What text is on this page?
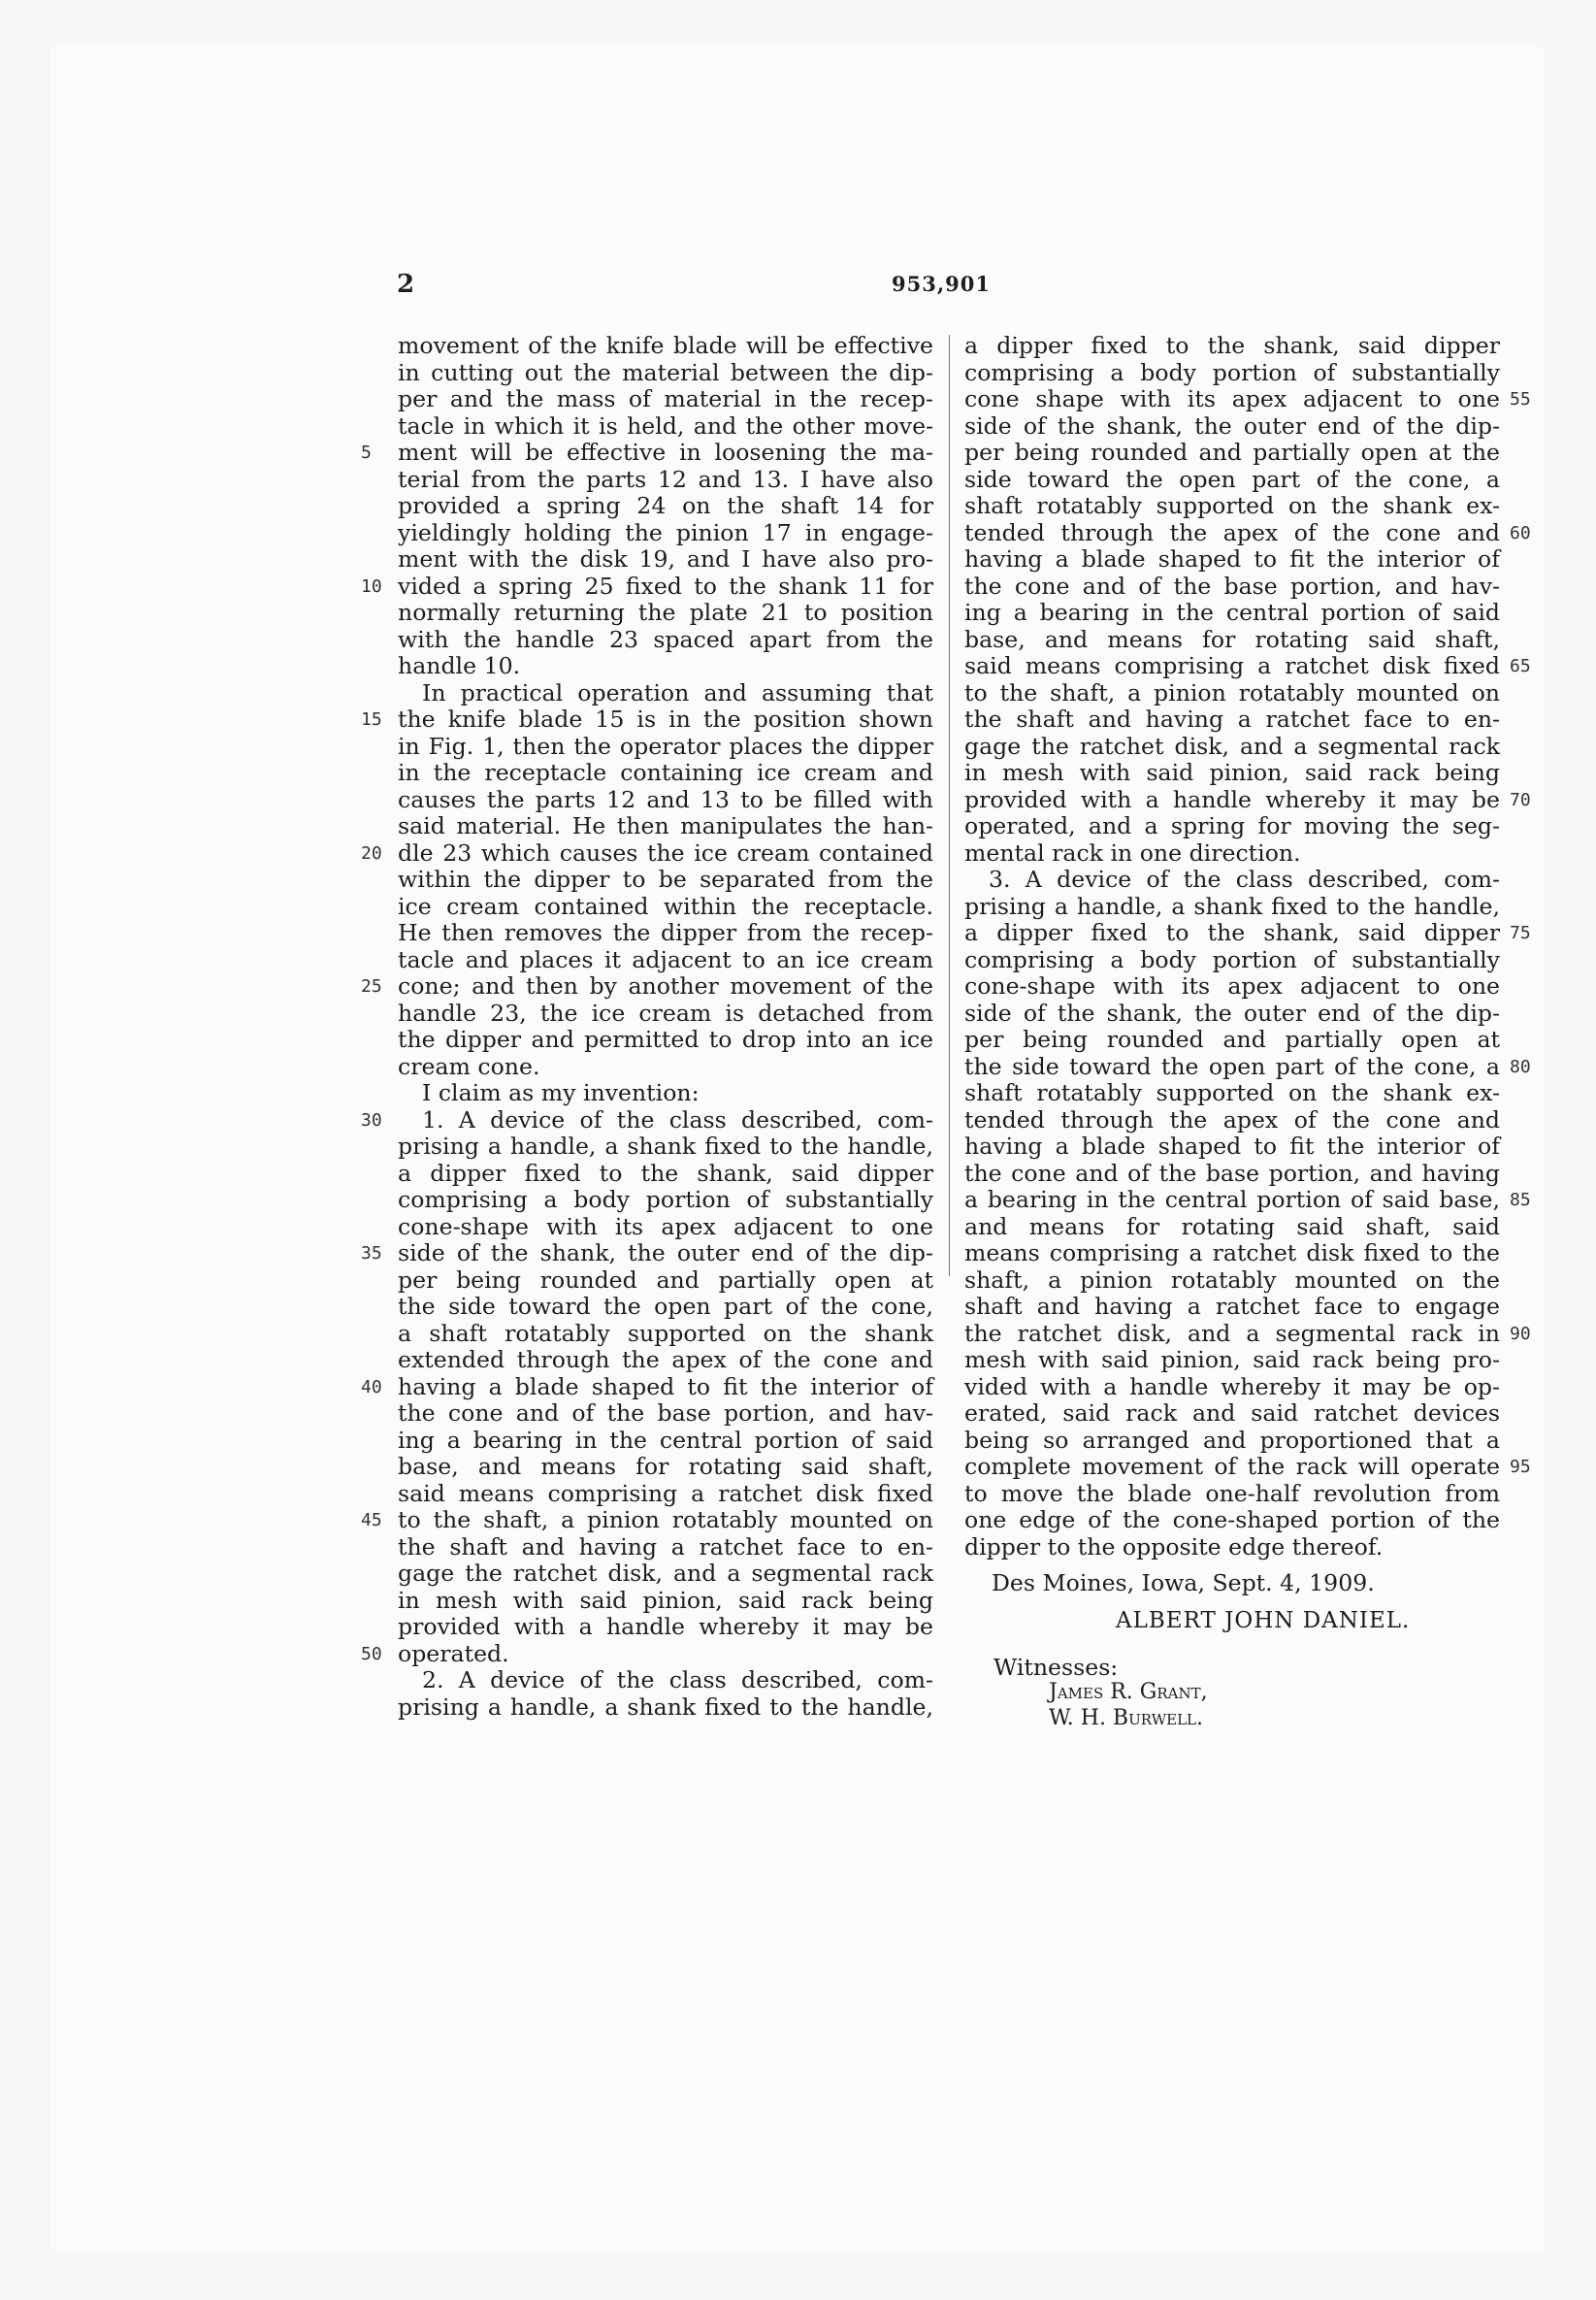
2	953,901
movement of the knife blade will be effective
in cutting out the material between the dip-
per and the mass of material in the recep-
tacle in which it is held, and the other move-
ment will be effective in loosening the ma-
terial from the parts 12 and 13. I have also
provided a spring 24 on the shaft 14 for
yieldingly holding the pinion 17 in engage-
ment with the disk 19, and I have also pro-
vided a spring 25 fixed to the shank 11 for
normally returning the plate 21 to position
with the handle 23 spaced apart from the
handle 10.
In practical operation and assuming that
the knife blade 15 is in the position shown
in Fig. 1, then the operator places the dipper
in the receptacle containing ice cream and
causes the parts 12 and 13 to be filled with
said material. He then manipulates the han-
dle 23 which causes the ice cream contained
within the dipper to be separated from the
ice cream contained within the receptacle.
He then removes the dipper from the recep-
tacle and places it adjacent to an ice cream
cone; and then by another movement of the
handle 23, the ice cream is detached from
the dipper and permitted to drop into an ice
cream cone.
I claim as my invention:
1. A device of the class described, com-
prising a handle, a shank fixed to the handle,
a dipper fixed to the shank, said dipper
comprising a body portion of substantially
cone-shape with its apex adjacent to one
side of the shank, the outer end of the dip-
per being rounded and partially open at
the side toward the open part of the cone,
a shaft rotatably supported on the shank
extended through the apex of the cone and
having a blade shaped to fit the interior of
the cone and of the base portion, and hav-
ing a bearing in the central portion of said
base, and means for rotating said shaft,
said means comprising a ratchet disk fixed
to the shaft, a pinion rotatably mounted on
the shaft and having a ratchet face to en-
gage the ratchet disk, and a segmental rack
in mesh with said pinion, said rack being
provided with a handle whereby it may be
operated.
2. A device of the class described, com-
prising a handle, a shank fixed to the handle,
a dipper fixed to the shank, said dipper
comprising a body portion of substantially
cone shape with its apex adjacent to one
side of the shank, the outer end of the dip-
per being rounded and partially open at the
side toward the open part of the cone, a
shaft rotatably supported on the shank ex-
tended through the apex of the cone and
having a blade shaped to fit the interior of
the cone and of the base portion, and hav-
ing a bearing in the central portion of said
base, and means for rotating said shaft,
said means comprising a ratchet disk fixed
to the shaft, a pinion rotatably mounted on
the shaft and having a ratchet face to en-
gage the ratchet disk, and a segmental rack
in mesh with said pinion, said rack being
provided with a handle whereby it may be
operated, and a spring for moving the seg-
mental rack in one direction.
3. A device of the class described, com-
prising a handle, a shank fixed to the handle,
a dipper fixed to the shank, said dipper
comprising a body portion of substantially
cone-shape with its apex adjacent to one
side of the shank, the outer end of the dip-
per being rounded and partially open at
the side toward the open part of the cone, a
shaft rotatably supported on the shank ex-
tended through the apex of the cone and
having a blade shaped to fit the interior of
the cone and of the base portion, and having
a bearing in the central portion of said base,
and means for rotating said shaft, said
means comprising a ratchet disk fixed to the
shaft, a pinion rotatably mounted on the
shaft and having a ratchet face to engage
the ratchet disk, and a segmental rack in
mesh with said pinion, said rack being pro-
vided with a handle whereby it may be op-
erated, said rack and said ratchet devices
being so arranged and proportioned that a
complete movement of the rack will operate
to move the blade one-half revolution from
one edge of the cone-shaped portion of the
dipper to the opposite edge thereof.
5
10
15
20
25
30
35
40
45
50
55
60
65
70
75
80
85
90
95
Des Moines, Iowa, Sept. 4, 1909.
ALBERT JOHN DANIEL.
Witnesses:
James R. Grant,
W. H. Burwell.
